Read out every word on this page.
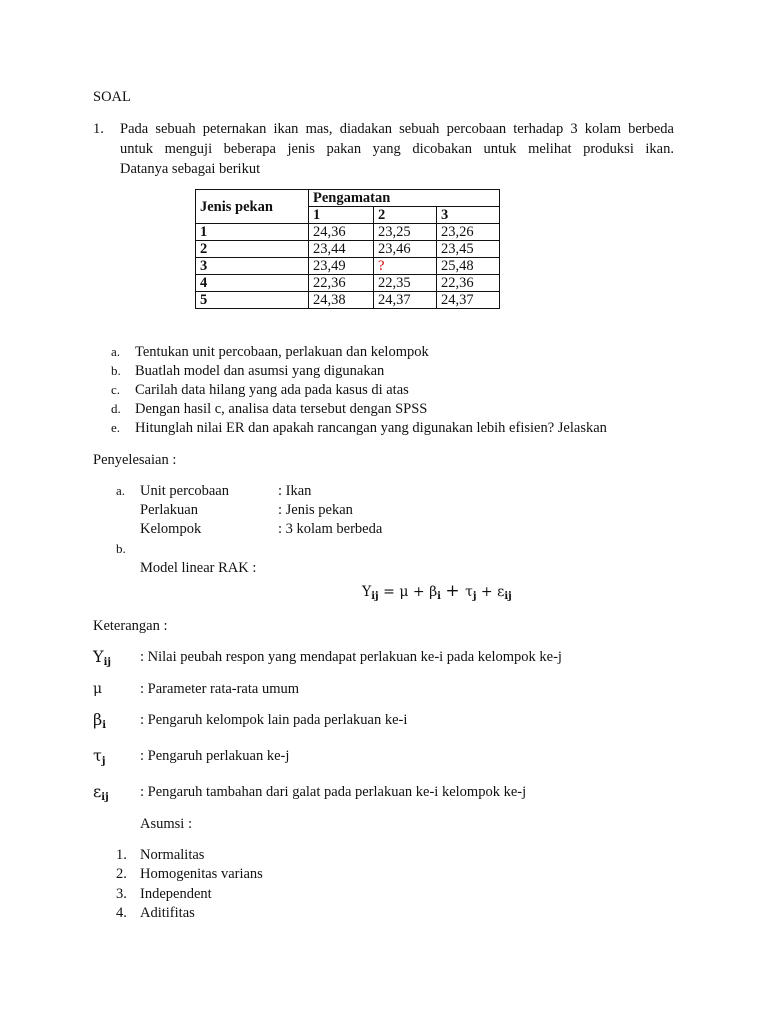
SOAL
1. Pada sebuah peternakan ikan mas, diadakan sebuah percobaan terhadap 3 kolam berbeda
untuk menguji beberapa jenis pakan yang dicobakan untuk melihat produksi ikan.
Datanya sebagai berikut
Jenis pekan	Pengamatan		
	1	2	3
1	24,36	23,25	23,26
2	23,44	23,46	23,45
3	23,49	?	25,48
4	22,36	22,35	22,36
5	24,38	24,37	24,37
a. Tentukan unit percobaan, perlakuan dan kelompok
b. Buatlah model dan asumsi yang digunakan
c. Carilah data hilang yang ada pada kasus di atas
d. Dengan hasil c, analisa data tersebut dengan SPSS
e. Hitunglah nilai ER dan apakah rancangan yang digunakan lebih efisien? Jelaskan
Penyelesaian :
a. Unit percobaan	: Ikan
Perlakuan	: Jenis pekan
Kelompok	: 3 kolam berbeda
b.
Model linear RAK :
$Y_{ij} = \mu + \beta_i + \tau_j + \varepsilon_{ij}$
Keterangan :
$Y_{ij}$ : Nilai peubah respon yang mendapat perlakuan ke-i pada kelompok ke-j
μ	: Parameter rata-rata umum
$\beta_i$ : Pengaruh kelompok lain pada perlakuan ke-i
$\tau_j$ : Pengaruh perlakuan ke-j
$\varepsilon_{ij}$ : Pengaruh tambahan dari galat pada perlakuan ke-i kelompok ke-j
Asumsi :
1. Normalitas
2. Homogenitas varians
3. Independent
4. Aditifitas
